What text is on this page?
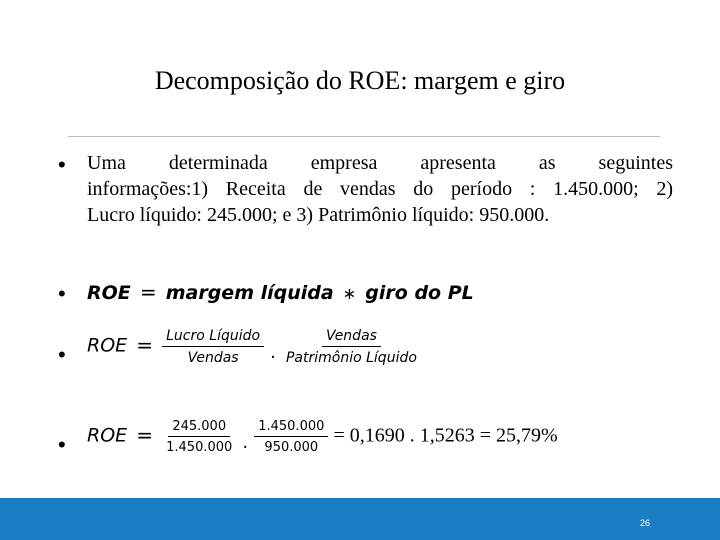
Decomposição do ROE: margem e giro
• Uma determinada empresa apresenta as seguintes
informações:1) Receita de vendas do período : 1.450.000; 2)
Lucro líquido: 245.000; e 3) Patrimônio líquido: 950.000.
• ROE = margem líquida ∗ giro do PL
• ROE = $\frac{\text{Lucro Líquido}}{\text{Vendas}}$ . $\frac{\text{Vendas}}{\text{Patrimônio Líquido}}$
• ROE = $\frac{245.000}{1.450.000}$ . $\frac{1.450.000}{950.000} = 0,1690$ . 1,5263 = 25,79%
26
